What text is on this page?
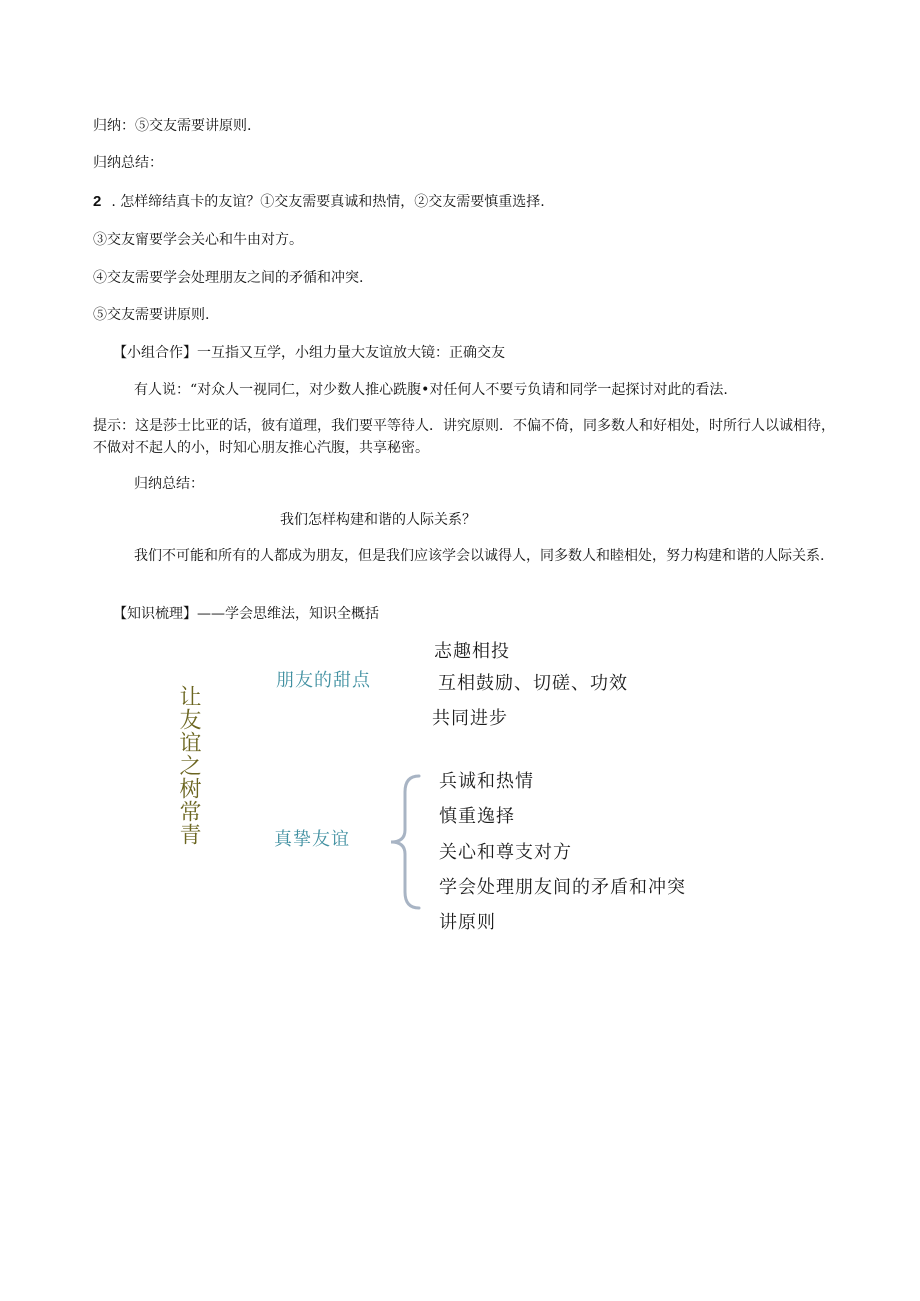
归纳：⑤交友需要讲原则.
归纳总结：
2 . 怎样缔结真卡的友谊？①交友需要真诚和热情，②交友需要慎重选择.
③交友甯要学会关心和牛由对方。
④交友需要学会处理朋友之间的矛循和冲突.
⑤交友需要讲原则.
【小组合作】一互指又互学，小组力量大友谊放大镜：正确交友
有人说：“对众人一视同仁，对少数人推心跣腹•对任何人不要亏负请和同学一起探讨对此的看法.
提示：这是莎士比亚的话，彼有道理，我们要平等待人．讲究原则．不偏不倚，同多数人和好相处，时所行人以诚相待，不做对不起人的小，时知心朋友推心汽腹，共享秘密。
归纳总结：
我们怎样构建和谐的人际关系？
我们不可能和所有的人都成为朋友，但是我们应该学会以诚得人，同多数人和睦相处，努力构建和谐的人际关系.
【知识梳理】——学会思维法，知识全概括
让友谊之树常青
朋友的甜点
志趣相投
互相鼓励、切磋、功效
共同进步
真挚友谊
兵诚和热情
慎重逸择
关心和尊支对方
学会处理朋友间的矛盾和冲突
讲原则
